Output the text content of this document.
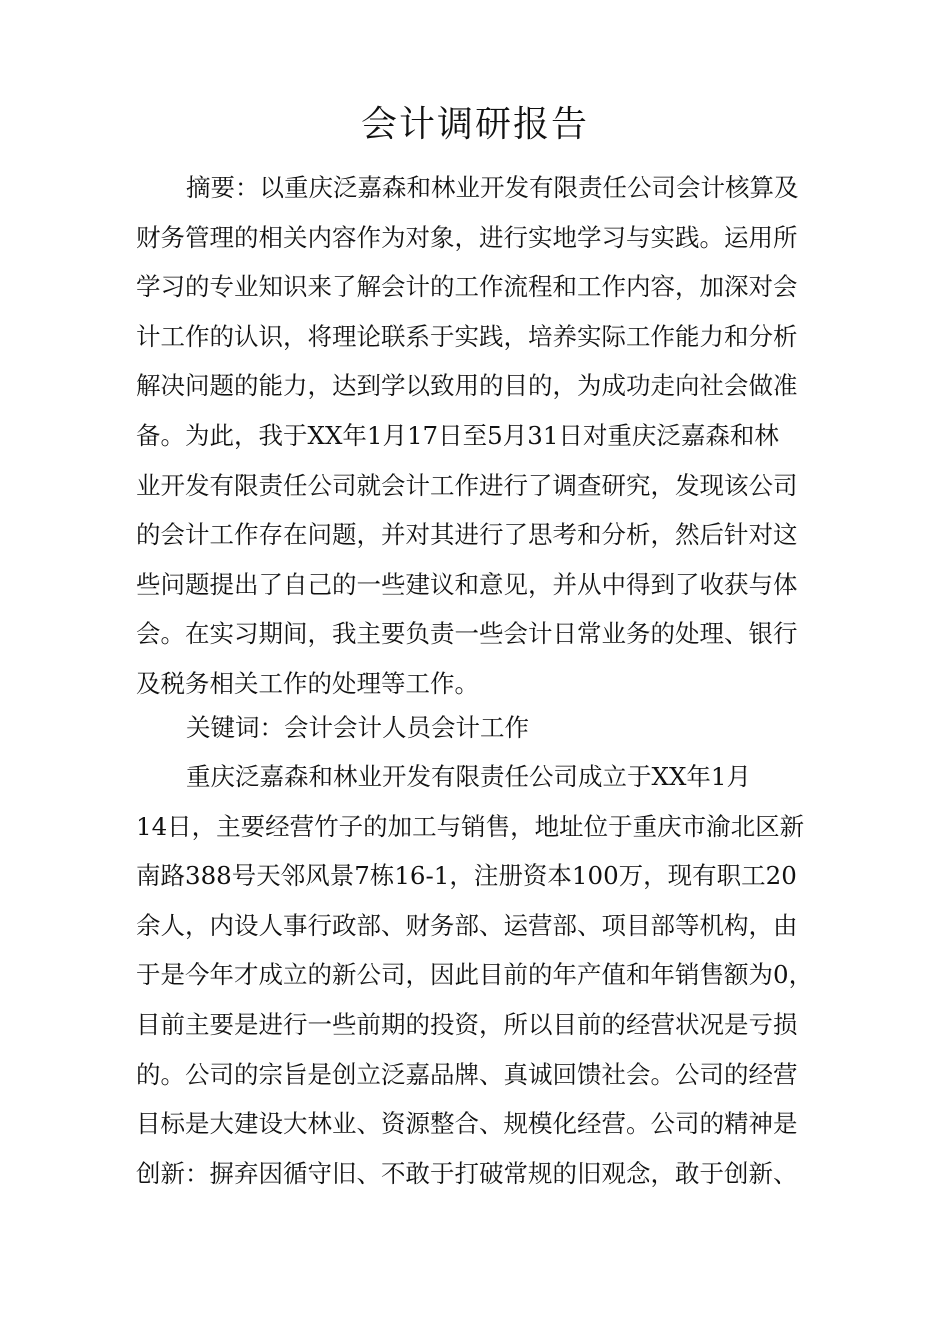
会计调研报告
摘要：以重庆泛嘉森和林业开发有限责任公司会计核算及
财务管理的相关内容作为对象，进行实地学习与实践。运用所
学习的专业知识来了解会计的工作流程和工作内容，加深对会
计工作的认识，将理论联系于实践，培养实际工作能力和分析
解决问题的能力，达到学以致用的目的，为成功走向社会做准
备。为此，我于XX年1月17日至5月31日对重庆泛嘉森和林
业开发有限责任公司就会计工作进行了调查研究，发现该公司
的会计工作存在问题，并对其进行了思考和分析，然后针对这
些问题提出了自己的一些建议和意见，并从中得到了收获与体
会。在实习期间，我主要负责一些会计日常业务的处理、银行
及税务相关工作的处理等工作。
关键词：会计会计人员会计工作
重庆泛嘉森和林业开发有限责任公司成立于XX年1月
14日，主要经营竹子的加工与销售，地址位于重庆市渝北区新
南路388号天邻风景7栋16-1，注册资本100万，现有职工20
余人，内设人事行政部、财务部、运营部、项目部等机构，由
于是今年才成立的新公司，因此目前的年产值和年销售额为0，
目前主要是进行一些前期的投资，所以目前的经营状况是亏损
的。公司的宗旨是创立泛嘉品牌、真诚回馈社会。公司的经营
目标是大建设大林业、资源整合、规模化经营。公司的精神是
创新：摒弃因循守旧、不敢于打破常规的旧观念，敢于创新、
